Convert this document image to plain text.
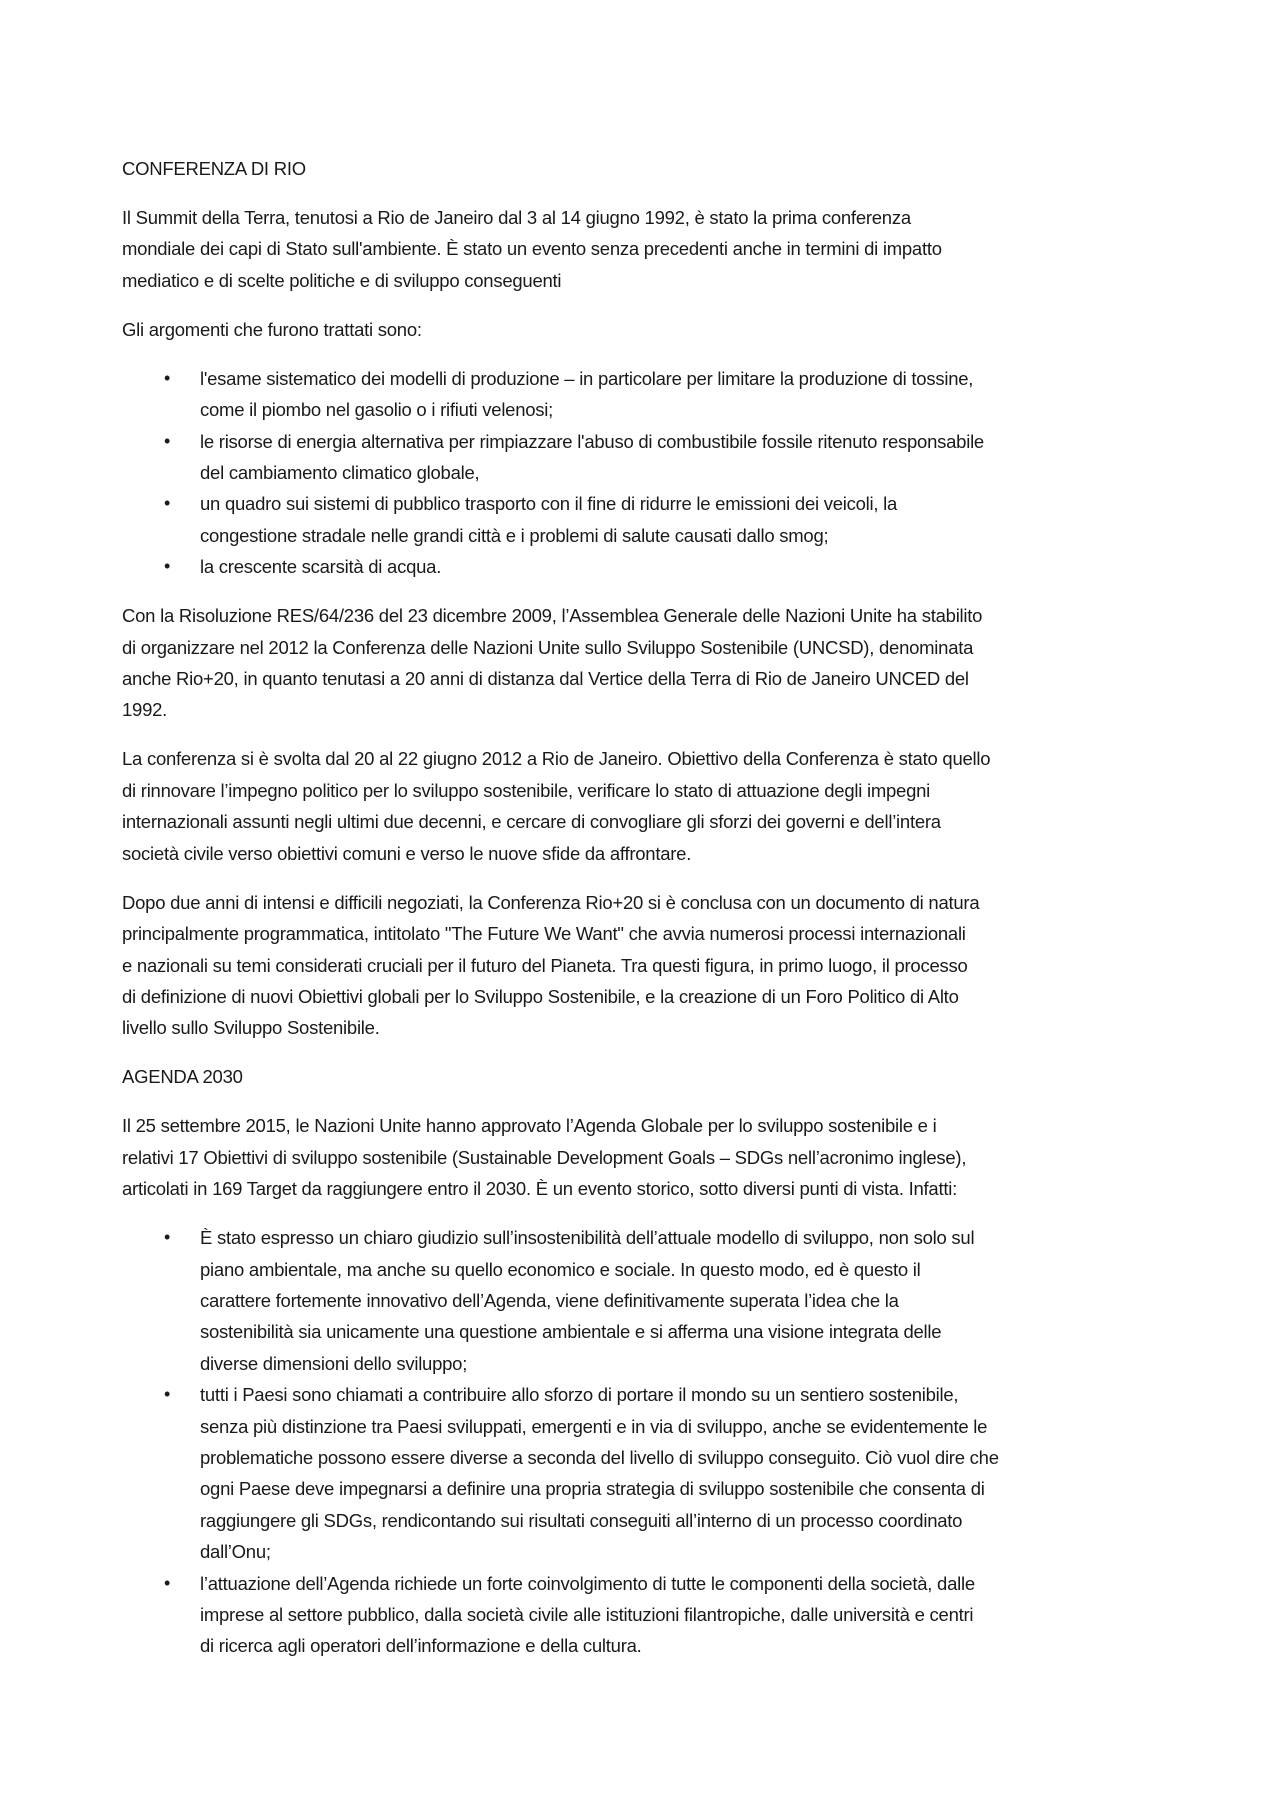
CONFERENZA DI RIO
Il Summit della Terra, tenutosi a Rio de Janeiro dal 3 al 14 giugno 1992, è stato la prima conferenza
mondiale dei capi di Stato sull'ambiente. È stato un evento senza precedenti anche in termini di impatto
mediatico e di scelte politiche e di sviluppo conseguenti
Gli argomenti che furono trattati sono:
• l'esame sistematico dei modelli di produzione – in particolare per limitare la produzione di tossine,
come il piombo nel gasolio o i rifiuti velenosi;
• le risorse di energia alternativa per rimpiazzare l'abuso di combustibile fossile ritenuto responsabile
del cambiamento climatico globale,
• un quadro sui sistemi di pubblico trasporto con il fine di ridurre le emissioni dei veicoli, la
congestione stradale nelle grandi città e i problemi di salute causati dallo smog;
• la crescente scarsità di acqua.
Con la Risoluzione RES/64/236 del 23 dicembre 2009, l’Assemblea Generale delle Nazioni Unite ha stabilito
di organizzare nel 2012 la Conferenza delle Nazioni Unite sullo Sviluppo Sostenibile (UNCSD), denominata
anche Rio+20, in quanto tenutasi a 20 anni di distanza dal Vertice della Terra di Rio de Janeiro UNCED del
1992.
La conferenza si è svolta dal 20 al 22 giugno 2012 a Rio de Janeiro. Obiettivo della Conferenza è stato quello
di rinnovare l’impegno politico per lo sviluppo sostenibile, verificare lo stato di attuazione degli impegni
internazionali assunti negli ultimi due decenni, e cercare di convogliare gli sforzi dei governi e dell’intera
società civile verso obiettivi comuni e verso le nuove sfide da affrontare.
Dopo due anni di intensi e difficili negoziati, la Conferenza Rio+20 si è conclusa con un documento di natura
principalmente programmatica, intitolato "The Future We Want" che avvia numerosi processi internazionali
e nazionali su temi considerati cruciali per il futuro del Pianeta. Tra questi figura, in primo luogo, il processo
di definizione di nuovi Obiettivi globali per lo Sviluppo Sostenibile, e la creazione di un Foro Politico di Alto
livello sullo Sviluppo Sostenibile.
AGENDA 2030
Il 25 settembre 2015, le Nazioni Unite hanno approvato l’Agenda Globale per lo sviluppo sostenibile e i
relativi 17 Obiettivi di sviluppo sostenibile (Sustainable Development Goals – SDGs nell’acronimo inglese),
articolati in 169 Target da raggiungere entro il 2030. È un evento storico, sotto diversi punti di vista. Infatti:
• È stato espresso un chiaro giudizio sull’insostenibilità dell’attuale modello di sviluppo, non solo sul
piano ambientale, ma anche su quello economico e sociale. In questo modo, ed è questo il
carattere fortemente innovativo dell’Agenda, viene definitivamente superata l’idea che la
sostenibilità sia unicamente una questione ambientale e si afferma una visione integrata delle
diverse dimensioni dello sviluppo;
• tutti i Paesi sono chiamati a contribuire allo sforzo di portare il mondo su un sentiero sostenibile,
senza più distinzione tra Paesi sviluppati, emergenti e in via di sviluppo, anche se evidentemente le
problematiche possono essere diverse a seconda del livello di sviluppo conseguito. Ciò vuol dire che
ogni Paese deve impegnarsi a definire una propria strategia di sviluppo sostenibile che consenta di
raggiungere gli SDGs, rendicontando sui risultati conseguiti all’interno di un processo coordinato
dall’Onu;
• l’attuazione dell’Agenda richiede un forte coinvolgimento di tutte le componenti della società, dalle
imprese al settore pubblico, dalla società civile alle istituzioni filantropiche, dalle università e centri
di ricerca agli operatori dell’informazione e della cultura.
